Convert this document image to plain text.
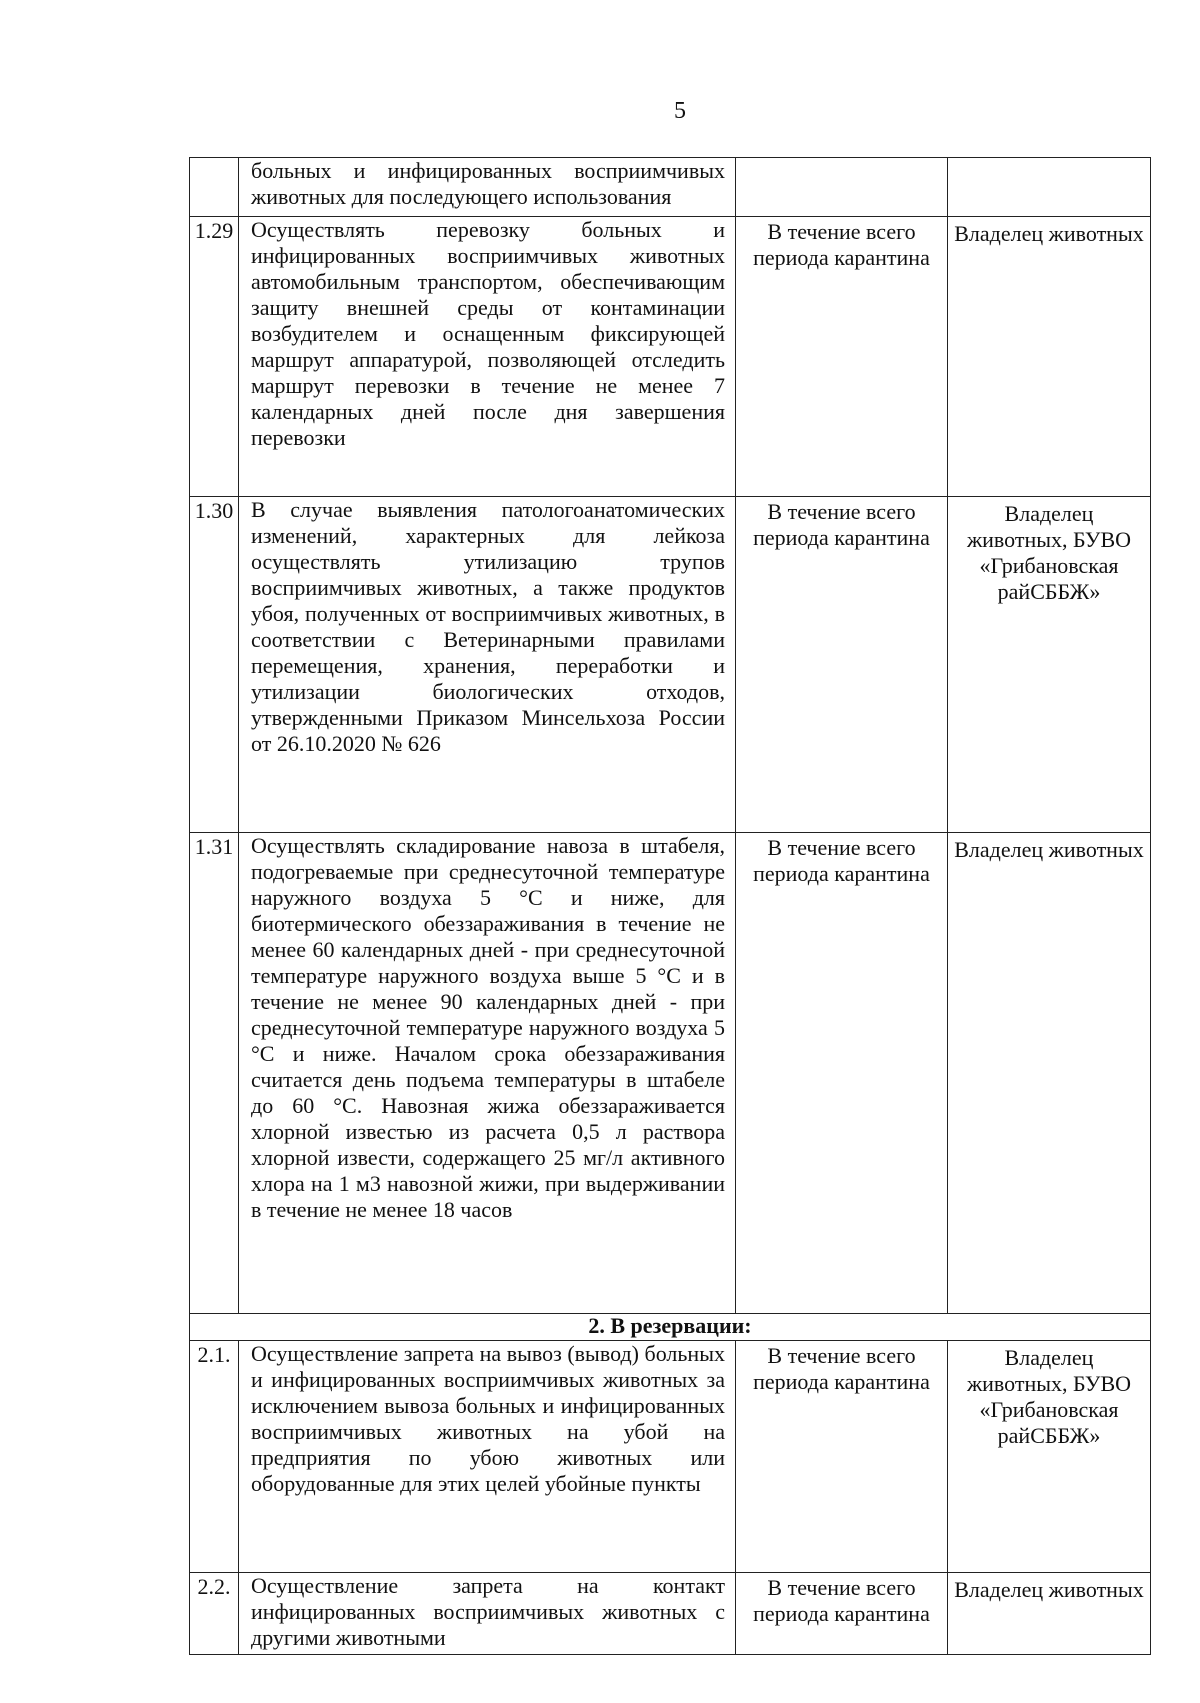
5
	больных и инфицированных восприимчивых животных для последующего использования		
1.29	Осуществлять перевозку больных и инфицированных восприимчивых животных автомобильным транспортом, обеспечивающим защиту внешней среды от контаминации возбудителем и оснащенным фиксирующей маршрут аппаратурой, позволяющей отследить маршрут перевозки в течение не менее 7 календарных дней после дня завершения перевозки	В течение всего периода карантина	Владелец животных
1.30	В случае выявления патологоанатомических изменений, характерных для лейкоза осуществлять утилизацию трупов восприимчивых животных, а также продуктов убоя, полученных от восприимчивых животных, в соответствии с Ветеринарными правилами перемещения, хранения, переработки и утилизации биологических отходов, утвержденными Приказом Минсельхоза России от 26.10.2020 № 626	В течение всего периода карантина	Владелец животных, БУВО «Грибановская райСББЖ»
1.31	Осуществлять складирование навоза в штабеля, подогреваемые при среднесуточной температуре наружного воздуха 5 °С и ниже, для биотермического обеззараживания в течение не менее 60 календарных дней - при среднесуточной температуре наружного воздуха выше 5 °С и в течение не менее 90 календарных дней - при среднесуточной температуре наружного воздуха 5 °С и ниже. Началом срока обеззараживания считается день подъема температуры в штабеле до 60 °С. Навозная жижа обеззараживается хлорной известью из расчета 0,5 л раствора хлорной извести, содержащего 25 мг/л активного хлора на 1 м3 навозной жижи, при выдерживании в течение не менее 18 часов	В течение всего периода карантина	Владелец животных
2. В резервации:			
2.1.	Осуществление запрета на вывоз (вывод) больных и инфицированных восприимчивых животных за исключением вывоза больных и инфицированных восприимчивых животных на убой на предприятия по убою животных или оборудованные для этих целей убойные пункты	В течение всего периода карантина	Владелец животных, БУВО «Грибановская райСББЖ»
2.2.	Осуществление запрета на контакт инфицированных восприимчивых животных с другими животными	В течение всего периода карантина	Владелец животных
